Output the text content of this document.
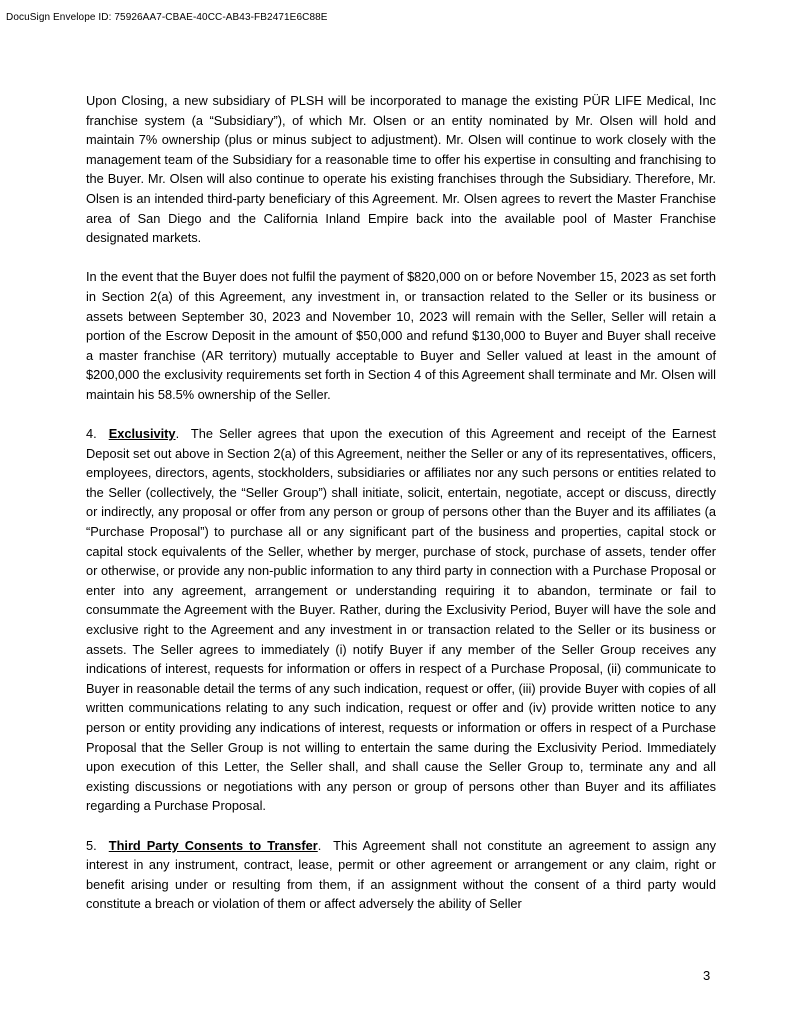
DocuSign Envelope ID: 75926AA7-CBAE-40CC-AB43-FB2471E6C88E

Upon Closing, a new subsidiary of PLSH will be incorporated to manage the existing PÜR LIFE Medical, Inc franchise system (a “Subsidiary”), of which Mr. Olsen or an entity nominated by Mr. Olsen will hold and maintain 7% ownership (plus or minus subject to adjustment). Mr. Olsen will continue to work closely with the management team of the Subsidiary for a reasonable time to offer his expertise in consulting and franchising to the Buyer. Mr. Olsen will also continue to operate his existing franchises through the Subsidiary. Therefore, Mr. Olsen is an intended third-party beneficiary of this Agreement. Mr. Olsen agrees to revert the Master Franchise area of San Diego and the California Inland Empire back into the available pool of Master Franchise designated markets.

In the event that the Buyer does not fulfil the payment of $820,000 on or before November 15, 2023 as set forth in Section 2(a) of this Agreement, any investment in, or transaction related to the Seller or its business or assets between September 30, 2023 and November 10, 2023 will remain with the Seller, Seller will retain a portion of the Escrow Deposit in the amount of $50,000 and refund $130,000 to Buyer and Buyer shall receive a master franchise (AR territory) mutually acceptable to Buyer and Seller valued at least in the amount of $200,000 the exclusivity requirements set forth in Section 4 of this Agreement shall terminate and Mr. Olsen will maintain his 58.5% ownership of the Seller.

4. Exclusivity. The Seller agrees that upon the execution of this Agreement and receipt of the Earnest Deposit set out above in Section 2(a) of this Agreement, neither the Seller or any of its representatives, officers, employees, directors, agents, stockholders, subsidiaries or affiliates nor any such persons or entities related to the Seller (collectively, the “Seller Group”) shall initiate, solicit, entertain, negotiate, accept or discuss, directly or indirectly, any proposal or offer from any person or group of persons other than the Buyer and its affiliates (a “Purchase Proposal”) to purchase all or any significant part of the business and properties, capital stock or capital stock equivalents of the Seller, whether by merger, purchase of stock, purchase of assets, tender offer or otherwise, or provide any non-public information to any third party in connection with a Purchase Proposal or enter into any agreement, arrangement or understanding requiring it to abandon, terminate or fail to consummate the Agreement with the Buyer. Rather, during the Exclusivity Period, Buyer will have the sole and exclusive right to the Agreement and any investment in or transaction related to the Seller or its business or assets. The Seller agrees to immediately (i) notify Buyer if any member of the Seller Group receives any indications of interest, requests for information or offers in respect of a Purchase Proposal, (ii) communicate to Buyer in reasonable detail the terms of any such indication, request or offer, (iii) provide Buyer with copies of all written communications relating to any such indication, request or offer and (iv) provide written notice to any person or entity providing any indications of interest, requests or information or offers in respect of a Purchase Proposal that the Seller Group is not willing to entertain the same during the Exclusivity Period. Immediately upon execution of this Letter, the Seller shall, and shall cause the Seller Group to, terminate any and all existing discussions or negotiations with any person or group of persons other than Buyer and its affiliates regarding a Purchase Proposal.

5. Third Party Consents to Transfer. This Agreement shall not constitute an agreement to assign any interest in any instrument, contract, lease, permit or other agreement or arrangement or any claim, right or benefit arising under or resulting from them, if an assignment without the consent of a third party would constitute a breach or violation of them or affect adversely the ability of Seller

3
